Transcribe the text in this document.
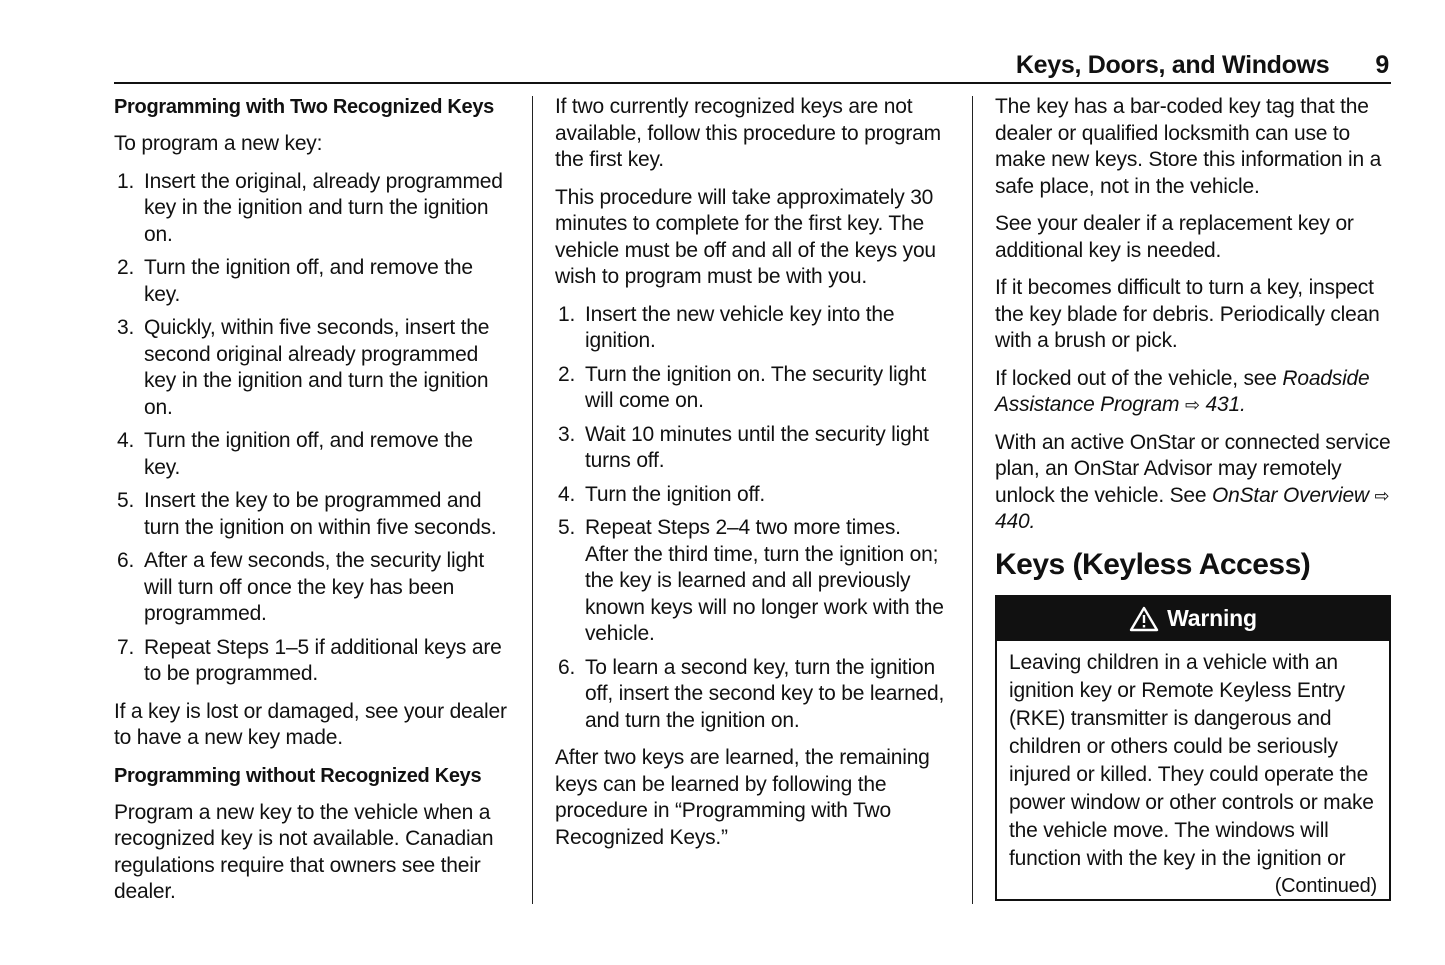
Keys, Doors, and Windows 9
Programming with Two Recognized Keys

To program a new key:

1. Insert the original, already programmed key in the ignition and turn the ignition on.
2. Turn the ignition off, and remove the key.
3. Quickly, within five seconds, insert the second original already programmed key in the ignition and turn the ignition on.
4. Turn the ignition off, and remove the key.
5. Insert the key to be programmed and turn the ignition on within five seconds.
6. After a few seconds, the security light will turn off once the key has been programmed.
7. Repeat Steps 1–5 if additional keys are to be programmed.

If a key is lost or damaged, see your dealer to have a new key made.

Programming without Recognized Keys

Program a new key to the vehicle when a recognized key is not available. Canadian regulations require that owners see their dealer.

If two currently recognized keys are not available, follow this procedure to program the first key.

This procedure will take approximately 30 minutes to complete for the first key. The vehicle must be off and all of the keys you wish to program must be with you.

1. Insert the new vehicle key into the ignition.
2. Turn the ignition on. The security light will come on.
3. Wait 10 minutes until the security light turns off.
4. Turn the ignition off.
5. Repeat Steps 2–4 two more times. After the third time, turn the ignition on; the key is learned and all previously known keys will no longer work with the vehicle.
6. To learn a second key, turn the ignition off, insert the second key to be learned, and turn the ignition on.

After two keys are learned, the remaining keys can be learned by following the procedure in “Programming with Two Recognized Keys.”

The key has a bar-coded key tag that the dealer or qualified locksmith can use to make new keys. Store this information in a safe place, not in the vehicle.

See your dealer if a replacement key or additional key is needed.

If it becomes difficult to turn a key, inspect the key blade for debris. Periodically clean with a brush or pick.

If locked out of the vehicle, see Roadside Assistance Program ⇨ 431.

With an active OnStar or connected service plan, an OnStar Advisor may remotely unlock the vehicle. See OnStar Overview ⇨ 440.

Keys (Keyless Access)
Warning
Leaving children in a vehicle with an ignition key or Remote Keyless Entry (RKE) transmitter is dangerous and children or others could be seriously injured or killed. They could operate the power window or other controls or make the vehicle move. The windows will function with the key in the ignition or
(Continued)
